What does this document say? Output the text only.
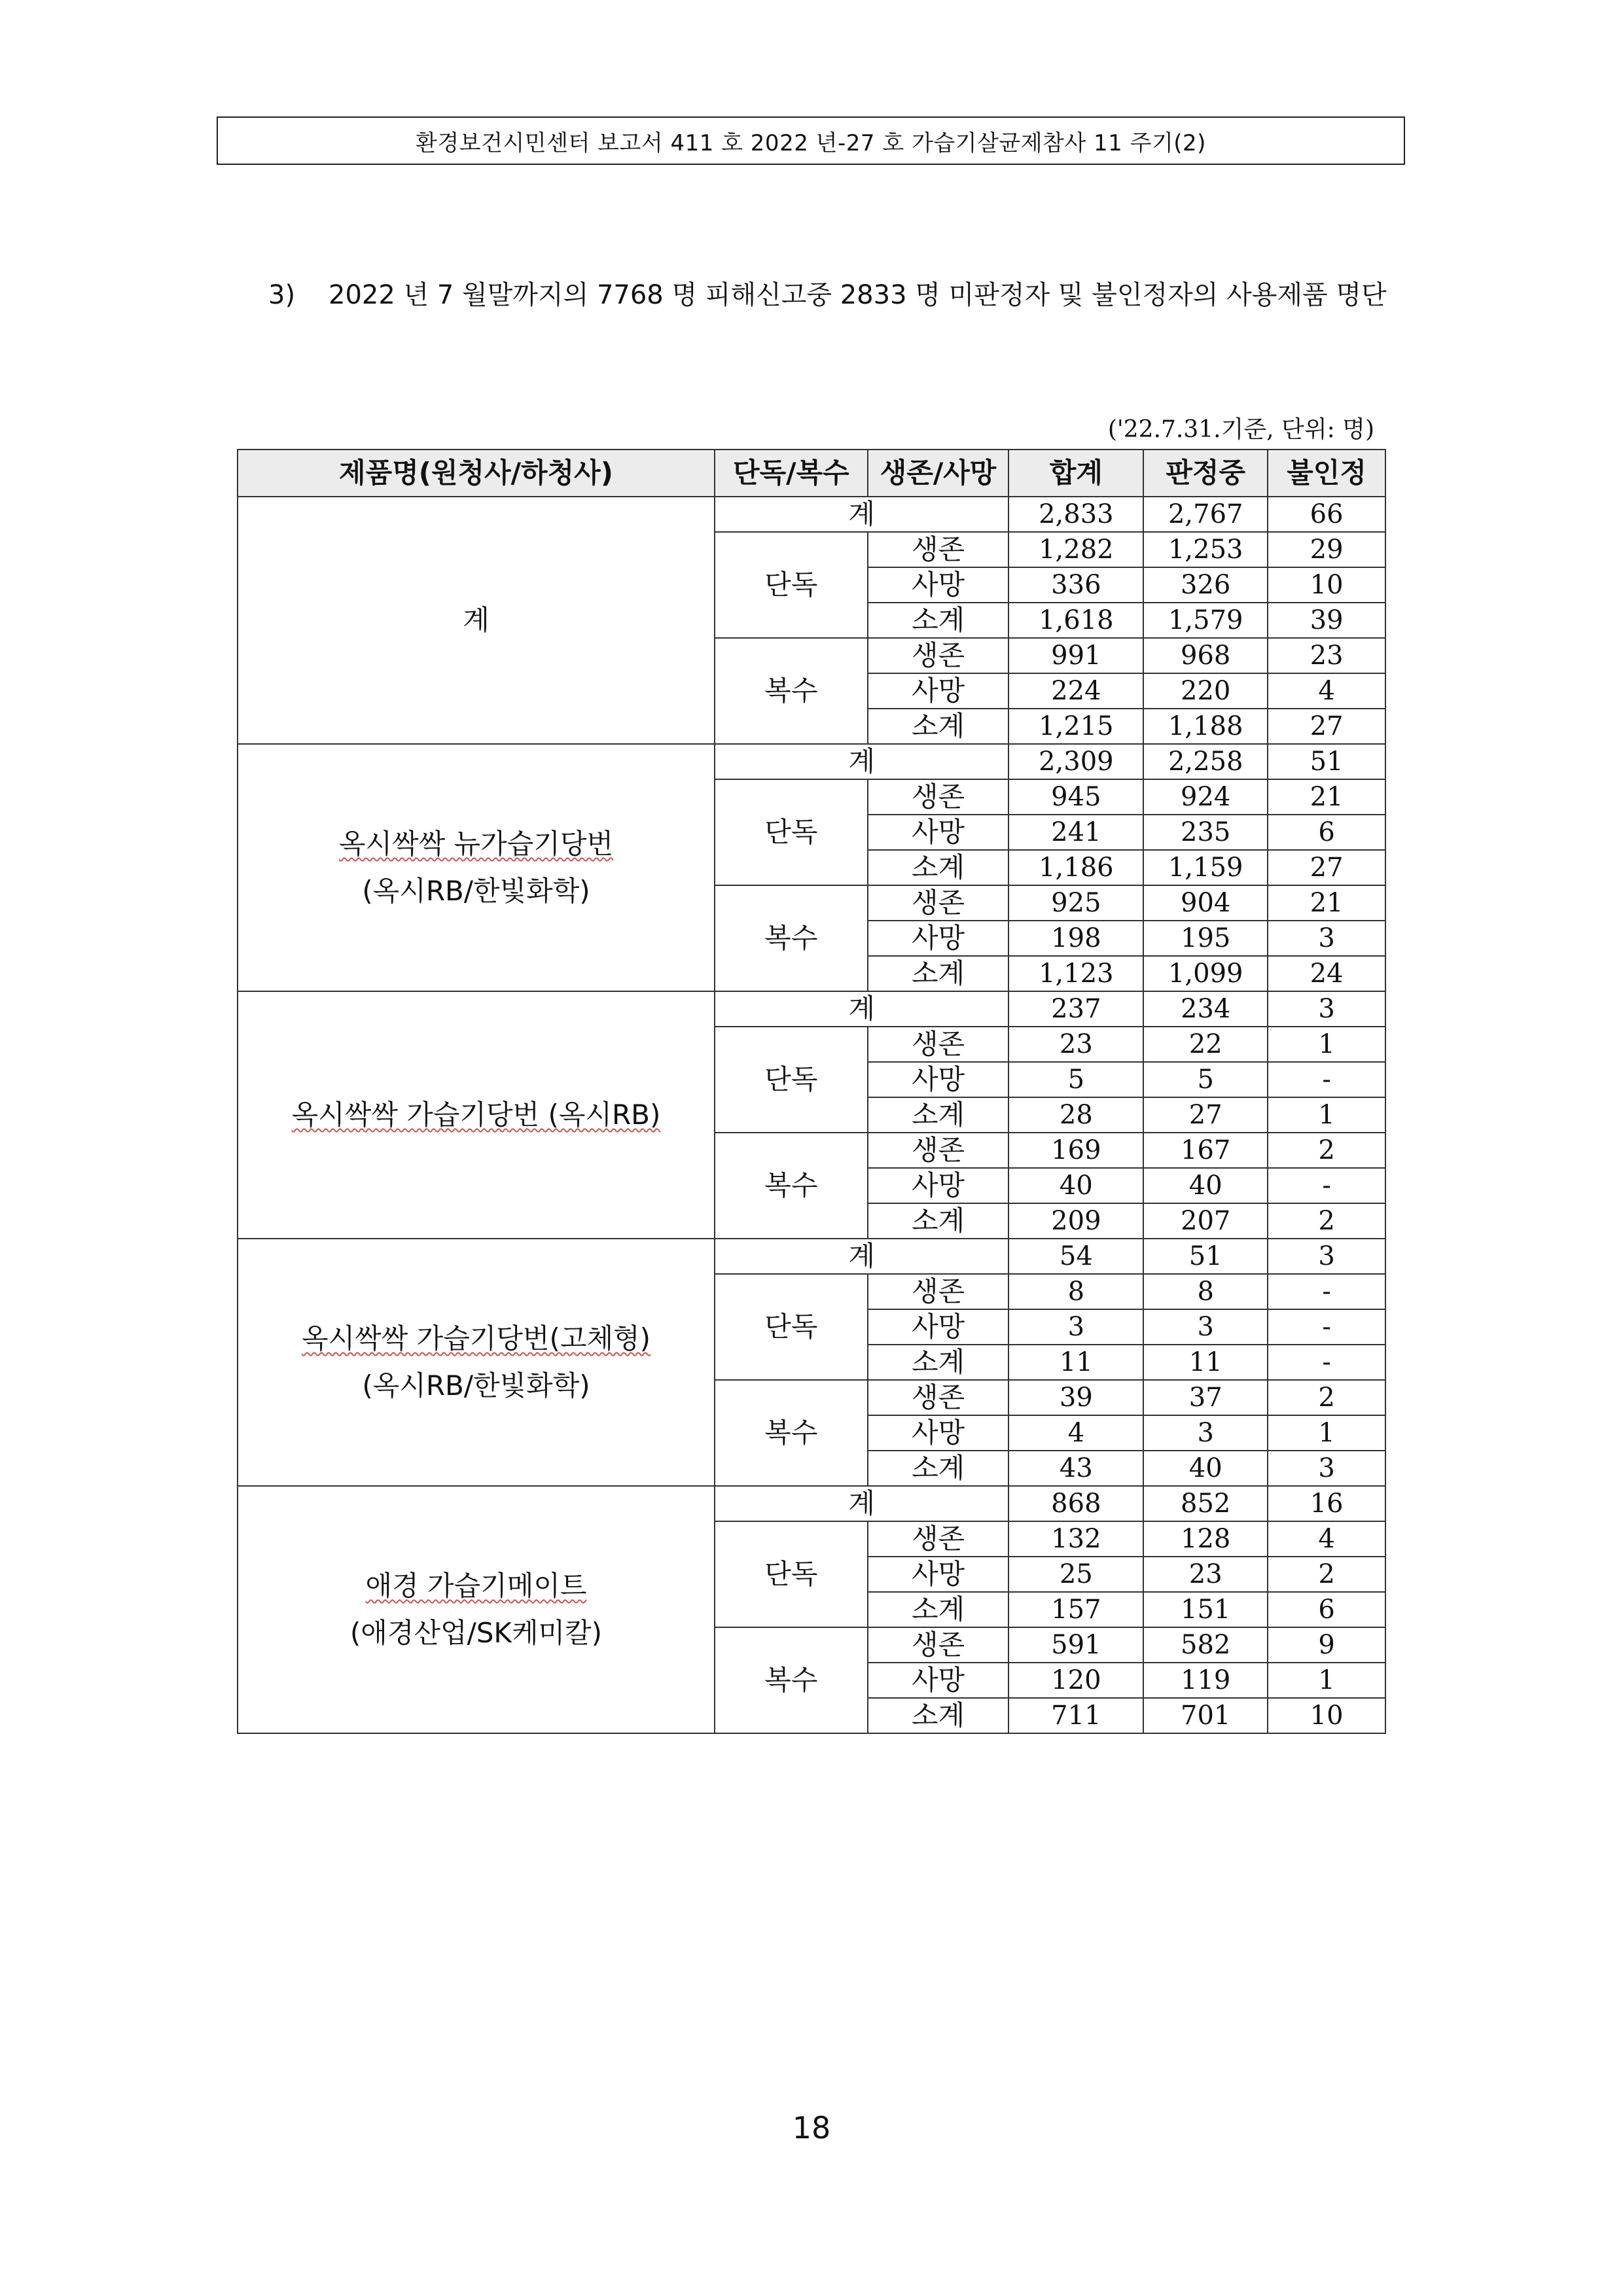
환경보건시민센터 보고서 411 호 2022 년-27 호 가습기살균제참사 11 주기(2)
3) 2022 년 7 월말까지의 7768 명 피해신고중 2833 명 미판정자 및 불인정자의 사용제품 명단
('22.7.31.기준, 단위: 명)
제품명(원청사/하청사)	단독/복수	생존/사망	합계	판정중	불인정
계	계		2,833	2,767	66
	단독	생존	1,282	1,253	29
		사망	336	326	10
		소계	1,618	1,579	39
	복수	생존	991	968	23
		사망	224	220	4
		소계	1,215	1,188	27
옥시싹싹 뉴가습기당번
(옥시RB/한빛화학)	계		2,309	2,258	51
	단독	생존	945	924	21
		사망	241	235	6
		소계	1,186	1,159	27
	복수	생존	925	904	21
		사망	198	195	3
		소계	1,123	1,099	24
옥시싹싹 가습기당번 (옥시RB)	계		237	234	3
	단독	생존	23	22	1
		사망	5	5	-
		소계	28	27	1
	복수	생존	169	167	2
		사망	40	40	-
		소계	209	207	2
옥시싹싹 가습기당번(고체형)
(옥시RB/한빛화학)	계		54	51	3
	단독	생존	8	8	-
		사망	3	3	-
		소계	11	11	-
	복수	생존	39	37	2
		사망	4	3	1
		소계	43	40	3
애경 가습기메이트
(애경산업/SK케미칼)	계		868	852	16
	단독	생존	132	128	4
		사망	25	23	2
		소계	157	151	6
	복수	생존	591	582	9
		사망	120	119	1
		소계	711	701	10
18
